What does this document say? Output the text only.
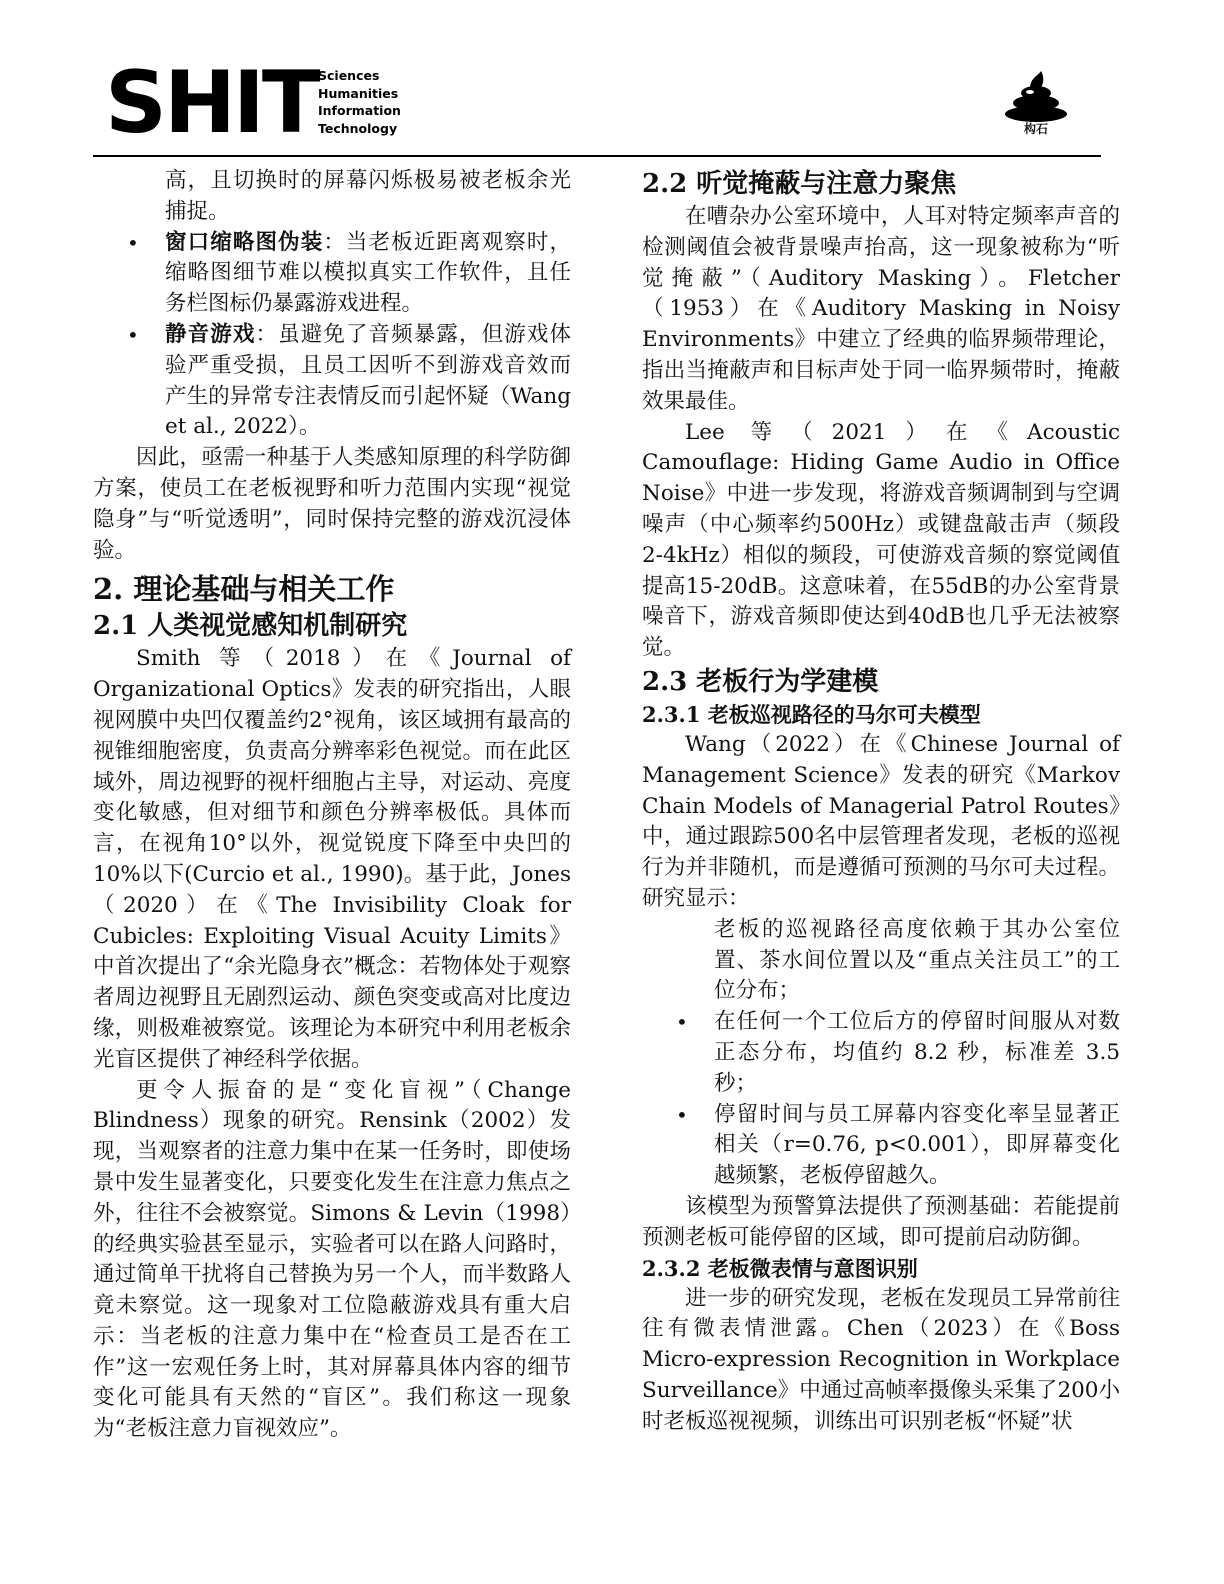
SHIT Sciences
Humanities
Information
Technology	构石

高，且切换时的屏幕闪烁极易被老板余光捕捉。

• 窗口缩略图伪装：当老板近距离观察时，缩略图细节难以模拟真实工作软件，且任务栏图标仍暴露游戏进程。
• 静音游戏：虽避免了音频暴露，但游戏体验严重受损，且员工因听不到游戏音效而产生的异常专注表情反而引起怀疑（Wang et al., 2022）。

因此，亟需一种基于人类感知原理的科学防御方案，使员工在老板视野和听力范围内实现“视觉隐身”与“听觉透明”，同时保持完整的游戏沉浸体验。

2. 理论基础与相关工作
2.1 人类视觉感知机制研究

Smith 等（2018）在《Journal of Organizational Optics》发表的研究指出，人眼视网膜中央凹仅覆盖约2°视角，该区域拥有最高的视锥细胞密度，负责高分辨率彩色视觉。而在此区域外，周边视野的视杆细胞占主导，对运动、亮度变化敏感，但对细节和颜色分辨率极低。具体而言，在视角10°以外，视觉锐度下降至中央凹的10%以下(Curcio et al., 1990)。基于此，Jones（2020）在《The Invisibility Cloak for Cubicles: Exploiting Visual Acuity Limits》中首次提出了“余光隐身衣”概念：若物体处于观察者周边视野且无剧烈运动、颜色突变或高对比度边缘，则极难被察觉。该理论为本研究中利用老板余光盲区提供了神经科学依据。

更令人振奋的是“变化盲视”（Change Blindness）现象的研究。Rensink（2002）发现，当观察者的注意力集中在某一任务时，即使场景中发生显著变化，只要变化发生在注意力焦点之外，往往不会被察觉。Simons & Levin（1998）的经典实验甚至显示，实验者可以在路人问路时，通过简单干扰将自己替换为另一个人，而半数路人竟未察觉。这一现象对工位隐蔽游戏具有重大启示：当老板的注意力集中在“检查员工是否在工作”这一宏观任务上时，其对屏幕具体内容的细节变化可能具有天然的“盲区”。我们称这一现象为“老板注意力盲视效应”。

2.2 听觉掩蔽与注意力聚焦

在嘈杂办公室环境中，人耳对特定频率声音的检测阈值会被背景噪声抬高，这一现象被称为“听觉掩蔽”（Auditory Masking）。Fletcher（1953）在《Auditory Masking in Noisy Environments》中建立了经典的临界频带理论，指出当掩蔽声和目标声处于同一临界频带时，掩蔽效果最佳。

Lee 等（2021）在《Acoustic Camouflage: Hiding Game Audio in Office Noise》中进一步发现，将游戏音频调制到与空调噪声（中心频率约500Hz）或键盘敲击声（频段2-4kHz）相似的频段，可使游戏音频的察觉阈值提高15-20dB。这意味着，在55dB的办公室背景噪音下，游戏音频即使达到40dB也几乎无法被察觉。

2.3 老板行为学建模
2.3.1 老板巡视路径的马尔可夫模型

Wang（2022）在《Chinese Journal of Management Science》发表的研究《Markov Chain Models of Managerial Patrol Routes》中，通过跟踪500名中层管理者发现，老板的巡视行为并非随机，而是遵循可预测的马尔可夫过程。研究显示：

老板的巡视路径高度依赖于其办公室位置、茶水间位置以及“重点关注员工”的工位分布；

• 在任何一个工位后方的停留时间服从对数正态分布，均值约 8.2 秒，标准差 3.5 秒；
• 停留时间与员工屏幕内容变化率呈显著正相关（r=0.76, p<0.001），即屏幕变化越频繁，老板停留越久。

该模型为预警算法提供了预测基础：若能提前预测老板可能停留的区域，即可提前启动防御。

2.3.2 老板微表情与意图识别

进一步的研究发现，老板在发现员工异常前往往有微表情泄露。Chen（2023）在《Boss Micro-expression Recognition in Workplace Surveillance》中通过高帧率摄像头采集了200小时老板巡视视频，训练出可识别老板“怀疑”状
